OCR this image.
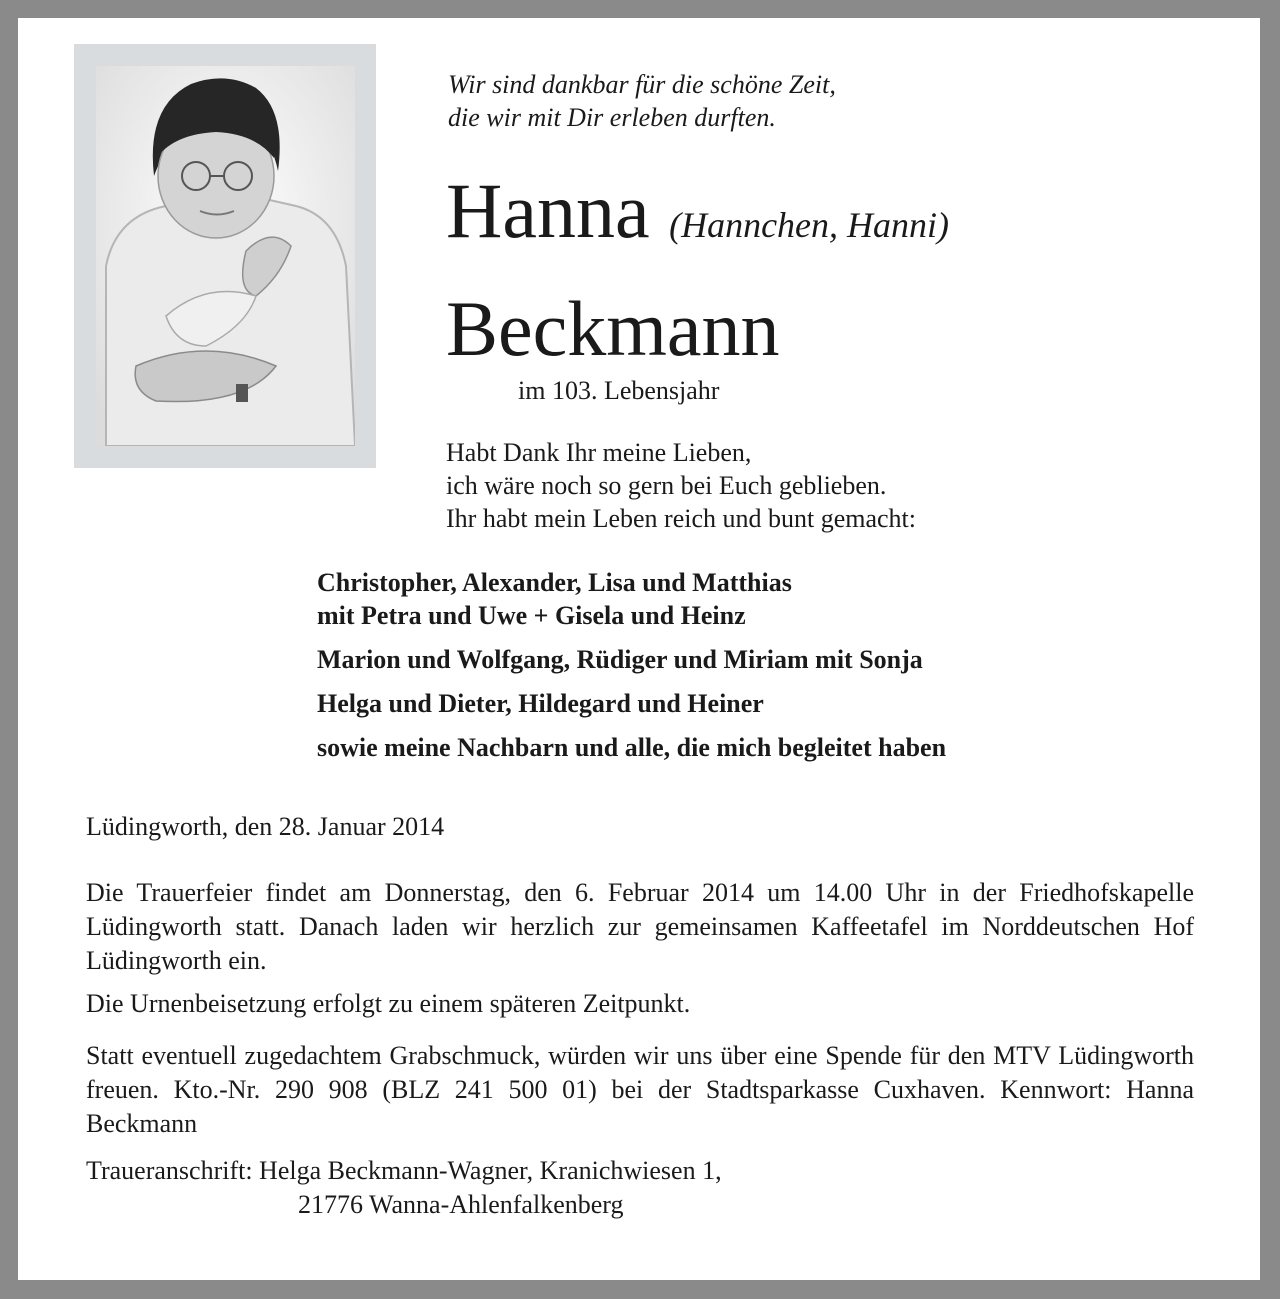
Wir sind dankbar für die schöne Zeit,
die wir mit Dir erleben durften.

Hanna (Hannchen, Hanni)

Beckmann

im 103. Lebensjahr

Habt Dank Ihr meine Lieben,
ich wäre noch so gern bei Euch geblieben.
Ihr habt mein Leben reich und bunt gemacht:

Christopher, Alexander, Lisa und Matthias

mit Petra und Uwe + Gisela und Heinz

Marion und Wolfgang, Rüdiger und Miriam mit Sonja

Helga und Dieter, Hildegard und Heiner

sowie meine Nachbarn und alle, die mich begleitet haben

Lüdingworth, den 28. Januar 2014

Die Trauerfeier findet am Donnerstag, den 6. Februar 2014 um 14.00 Uhr in der Friedhofskapelle Lüdingworth statt. Danach laden wir herzlich zur gemeinsamen Kaffeetafel im Norddeutschen Hof Lüdingworth ein.

Die Urnenbeisetzung erfolgt zu einem späteren Zeitpunkt.

Statt eventuell zugedachtem Grabschmuck, würden wir uns über eine Spende für den MTV Lüdingworth freuen. Kto.-Nr. 290 908 (BLZ 241 500 01) bei der Stadtsparkasse Cuxhaven. Kennwort: Hanna Beckmann

Traueranschrift: Helga Beckmann-Wagner, Kranichwiesen 1,
21776 Wanna-Ahlenfalkenberg
